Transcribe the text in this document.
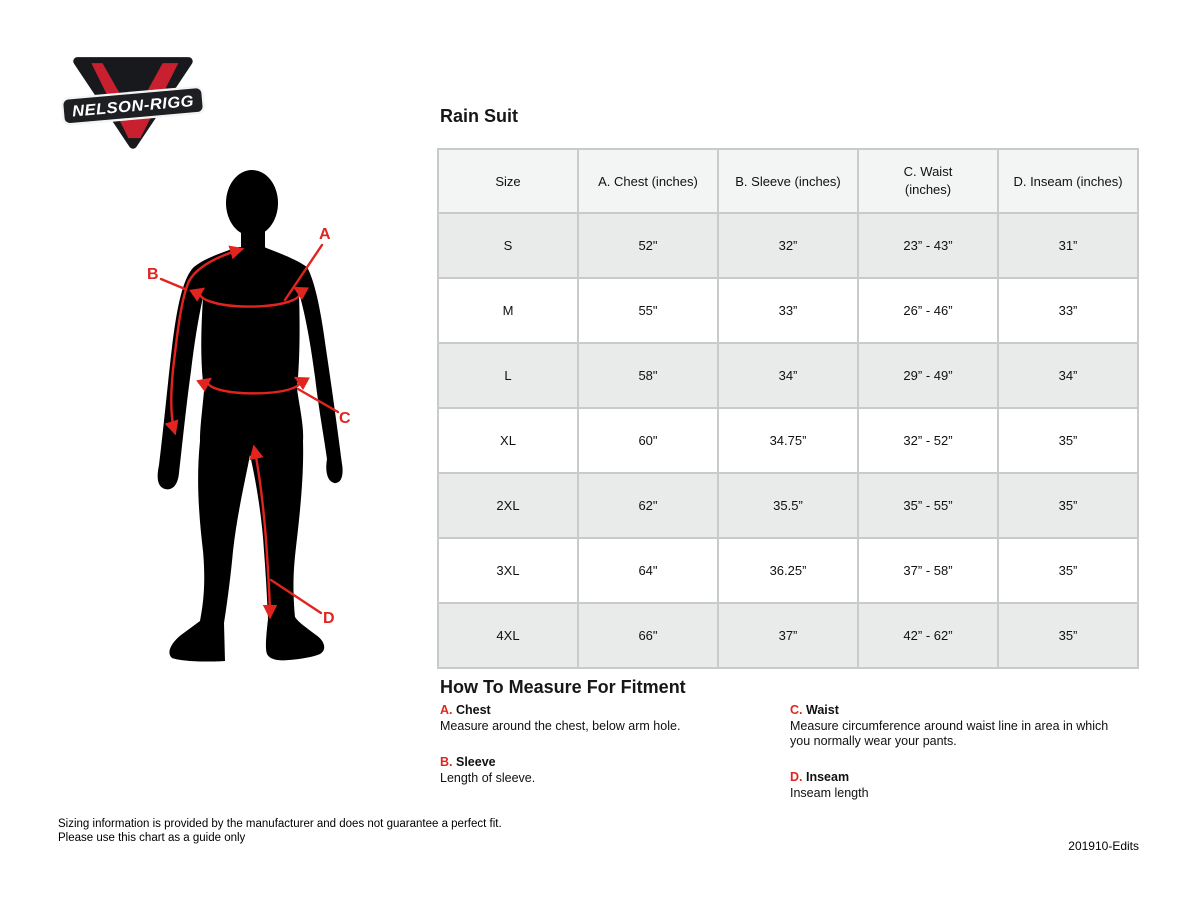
NELSON-RIGG
A
B
C
D
Rain Suit
Size	A. Chest (inches)	B. Sleeve (inches)	C. Waist (inches)	D. Inseam (inches)
S	52"	32”	23” - 43”	31”
M	55"	33”	26” - 46”	33”
L	58"	34”	29” - 49”	34”
XL	60"	34.75”	32” - 52”	35”
2XL	62"	35.5”	35” - 55”	35”
3XL	64"	36.25”	37” - 58”	35”
4XL	66"	37”	42” - 62”	35”
How To Measure For Fitment
A. Chest
Measure around the chest, below arm hole.
B. Sleeve
Length of sleeve.
C. Waist
Measure circumference around waist line in area in which you normally wear your pants.
D. Inseam
Inseam length
Sizing information is provided by the manufacturer and does not guarantee a perfect fit.
Please use this chart as a guide only
201910-Edits
